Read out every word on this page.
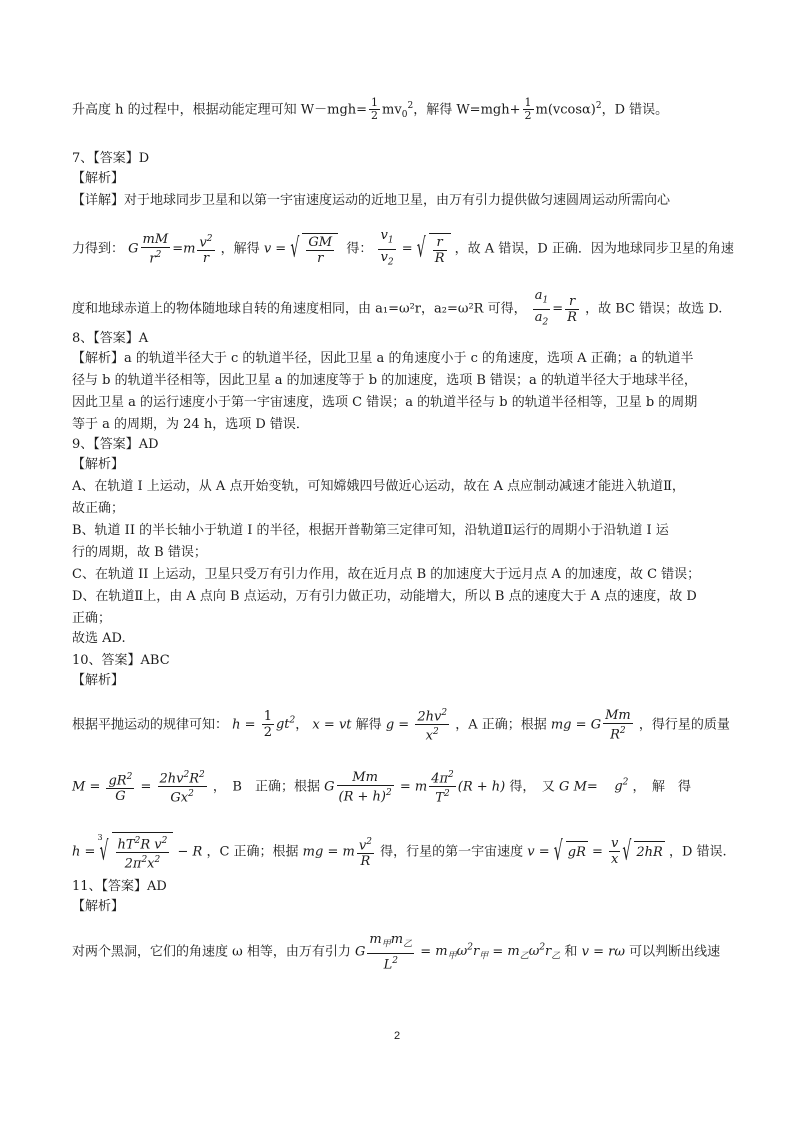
升高度 h 的过程中，根据动能定理可知 $W-mgh= \frac{1}{2} mv_0^2$，解得 $W=mgh+ \frac{1}{2} m(vcos\alpha)^2$，D 错误。
7、【答案】D
【解析】
【详解】对于地球同步卫星和以第一宇宙速度运动的近地卫星，由万有引力提供做匀速圆周运动所需向心
力得到： G $\frac{mM}{r^2} =m \frac{v^2}{r}$ ，解得 v = √ $\frac{GM}{r}$ 得： $\frac{v_1}{v_2}$ = √ $\frac{r}{R}$ ，故 A 错误，D 正确．因为地球同步卫星的角速
度和地球赤道上的物体随地球自转的角速度相同，由 a₁=ω²r，a₂=ω²R 可得， $\frac{a_1}{a_2} = \frac{r}{R}$ ，故 BC 错误；故选 D.
8、【答案】A
【解析】a 的轨道半径大于 c 的轨道半径，因此卫星 a 的角速度小于 c 的角速度，选项 A 正确；a 的轨道半
径与 b 的轨道半径相等，因此卫星 a 的加速度等于 b 的加速度，选项 B 错误；a 的轨道半径大于地球半径，
因此卫星 a 的运行速度小于第一宇宙速度，选项 C 错误；a 的轨道半径与 b 的轨道半径相等，卫星 b 的周期
等于 a 的周期，为 24 h，选项 D 错误．
9、【答案】AD
【解析】
A、在轨道 I 上运动，从 A 点开始变轨，可知嫦娥四号做近心运动，故在 A 点应制动减速才能进入轨道Ⅱ，
故正确；
B、轨道 II 的半长轴小于轨道 I 的半径，根据开普勒第三定律可知，沿轨道Ⅱ运行的周期小于沿轨道 I 运
行的周期，故 B 错误；
C、在轨道 II 上运动，卫星只受万有引力作用，故在近月点 B 的加速度大于远月点 A 的加速度，故 C 错误；
D、在轨道Ⅱ上，由 A 点向 B 点运动，万有引力做正功，动能增大，所以 B 点的速度大于 A 点的速度，故 D
正确；
故选 AD.
10、答案】ABC
【解析】
根据平抛运动的规律可知： $h = \frac{1}{2} gt^2$， x = vt 解得 $g = \frac{2hv^2}{x^2}$ ，A 正确；根据 mg = G $\frac{Mm}{R^2}$ ，得行星的质量
$M = \frac{gR^2}{G} = \frac{2hv^2R^2}{Gx^2}$ ，　B　正确；根据 G $\frac{Mm}{(R + h)^2} = m \frac{4\pi^2}{T^2} (R + h)$ 得，　又 G $M= g^2$ ，　解　得
h =
√ $3 \frac{hT^2R v^2}{2\pi^2x^2} - R$ ，C 正确；根据 mg = m $\frac{v^2}{R}$ 得，行星的第一宇宙速度 v = √ gR = $\frac{v}{x}$ √ 2hR ，D 错误.
11、【答案】AD
【解析】
对两个黑洞，它们的角速度 ω 相等，由万有引力 G $\frac{m_甲m_乙}{L^2} = m_甲\omega^2r_甲 = m_乙\omega^2r_乙$ 和 v = rω 可以判断出线速
2
